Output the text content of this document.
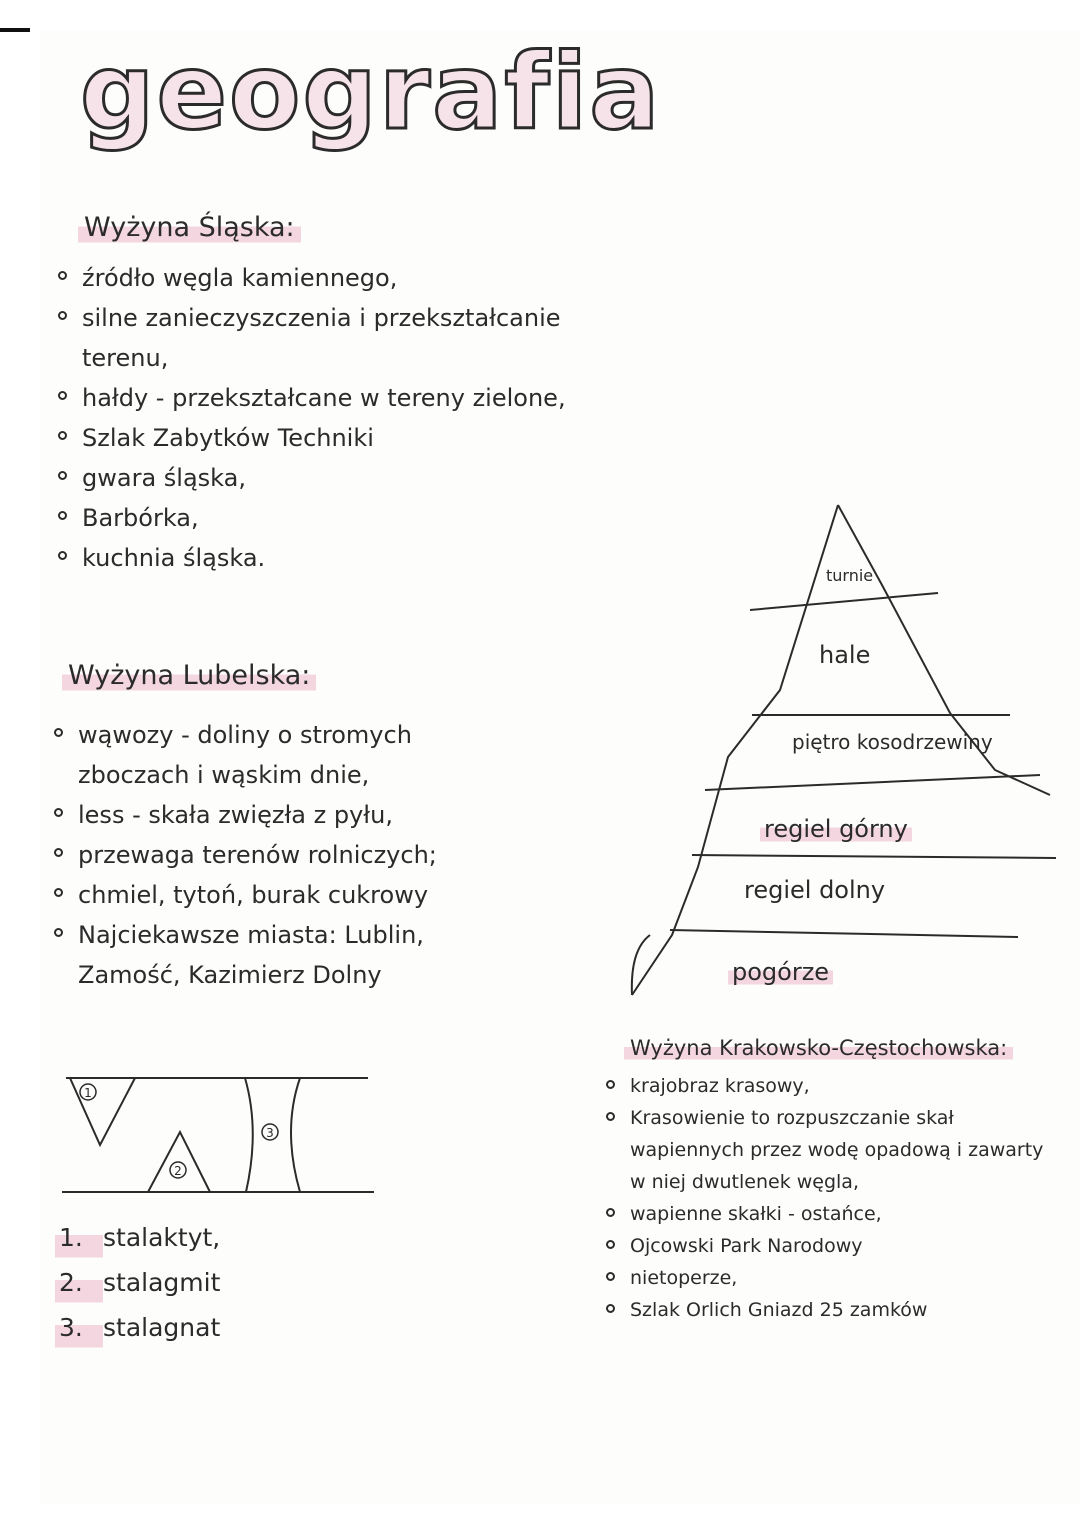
geografia
Wyżyna Śląska:
źródło węgla kamiennego,
silne zanieczyszczenia i przekształcanie terenu,
hałdy - przekształcane w tereny zielone,
Szlak Zabytków Techniki
gwara śląska,
Barbórka,
kuchnia śląska.
Wyżyna Lubelska:
wąwozy - doliny o stromych zboczach i wąskim dnie,
less - skała zwięzła z pyłu,
przewaga terenów rolniczych;
chmiel, tytoń, burak cukrowy
Najciekawsze miasta: Lublin, Zamość, Kazimierz Dolny
1
2
3
1. stalaktyt,
2. stalagmit
3. stalagnat
turnie
hale
piętro kosodrzewiny
regiel górny
regiel dolny
pogórze
Wyżyna Krakowsko-Częstochowska:
krajobraz krasowy,
Krasowienie to rozpuszczanie skał wapiennych przez wodę opadową i zawarty w niej dwutlenek węgla,
wapienne skałki - ostańce,
Ojcowski Park Narodowy
nietoperze,
Szlak Orlich Gniazd 25 zamków
